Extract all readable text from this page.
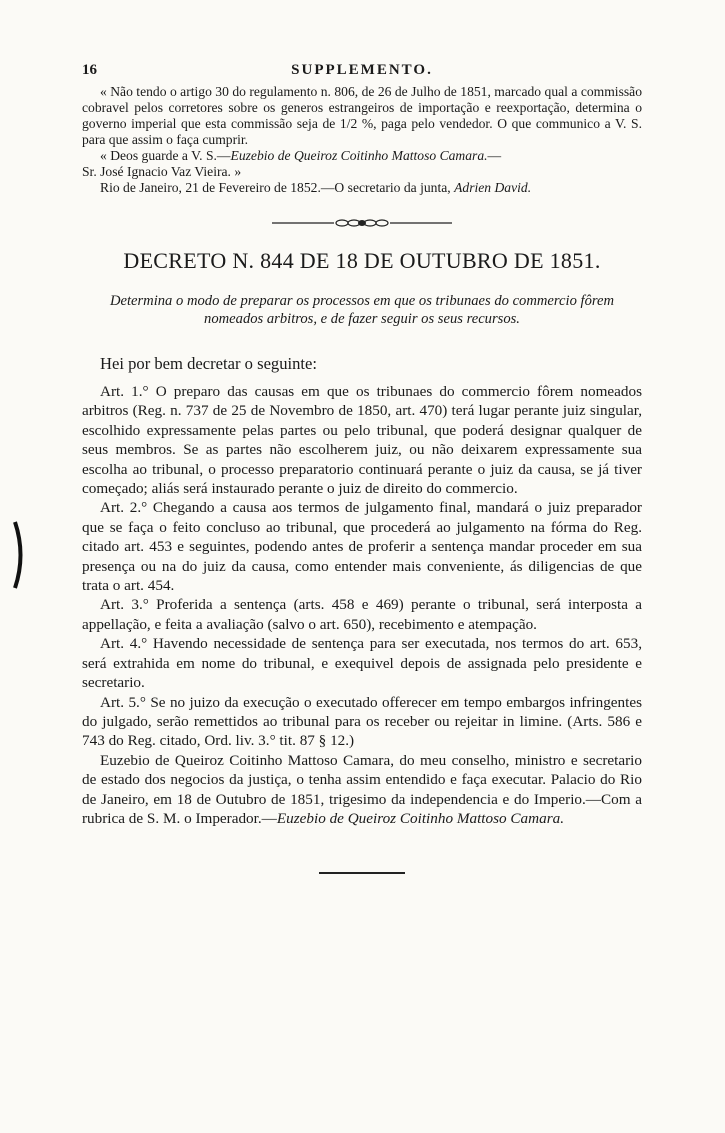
16	SUPPLEMENTO.

« Não tendo o artigo 30 do regulamento n. 806, de 26 de Julho de 1851, marcado qual a commissão cobravel pelos corretores sobre os generos estrangeiros de importação e reexportação, determina o governo imperial que esta commissão seja de 1/2 %, paga pelo vendedor. O que communico a V. S. para que assim o faça cumprir.

« Deos guarde a V. S.—Euzebio de Queiroz Coitinho Mattoso Camara.—

Sr. José Ignacio Vaz Vieira. »

Rio de Janeiro, 21 de Fevereiro de 1852.—O secretario da junta, Adrien David.

DECRETO N. 844 DE 18 DE OUTUBRO DE 1851.
Determina o modo de preparar os processos em que os tribunaes do commercio fôrem nomeados arbitros, e de fazer seguir os seus recursos.
Hei por bem decretar o seguinte:

Art. 1.° O preparo das causas em que os tribunaes do commercio fôrem nomeados arbitros (Reg. n. 737 de 25 de Novembro de 1850, art. 470) terá lugar perante juiz singular, escolhido expressamente pelas partes ou pelo tribunal, que poderá designar qualquer de seus membros. Se as partes não escolherem juiz, ou não deixarem expressamente sua escolha ao tribunal, o processo preparatorio continuará perante o juiz da causa, se já tiver começado; aliás será instaurado perante o juiz de direito do commercio.

Art. 2.° Chegando a causa aos termos de julgamento final, mandará o juiz preparador que se faça o feito concluso ao tribunal, que procederá ao julgamento na fórma do Reg. citado art. 453 e seguintes, podendo antes de proferir a sentença mandar proceder em sua presença ou na do juiz da causa, como entender mais conveniente, ás diligencias de que trata o art. 454.

Art. 3.° Proferida a sentença (arts. 458 e 469) perante o tribunal, será interposta a appellação, e feita a avaliação (salvo o art. 650), recebimento e atempação.

Art. 4.° Havendo necessidade de sentença para ser executada, nos termos do art. 653, será extrahida em nome do tribunal, e exequivel depois de assignada pelo presidente e secretario.

Art. 5.° Se no juizo da execução o executado offerecer em tempo embargos infringentes do julgado, serão remettidos ao tribunal para os receber ou rejeitar in limine. (Arts. 586 e 743 do Reg. citado, Ord. liv. 3.° tit. 87 § 12.)

Euzebio de Queiroz Coitinho Mattoso Camara, do meu conselho, ministro e secretario de estado dos negocios da justiça, o tenha assim entendido e faça executar. Palacio do Rio de Janeiro, em 18 de Outubro de 1851, trigesimo da independencia e do Imperio.—Com a rubrica de S. M. o Imperador.—Euzebio de Queiroz Coitinho Mattoso Camara.
